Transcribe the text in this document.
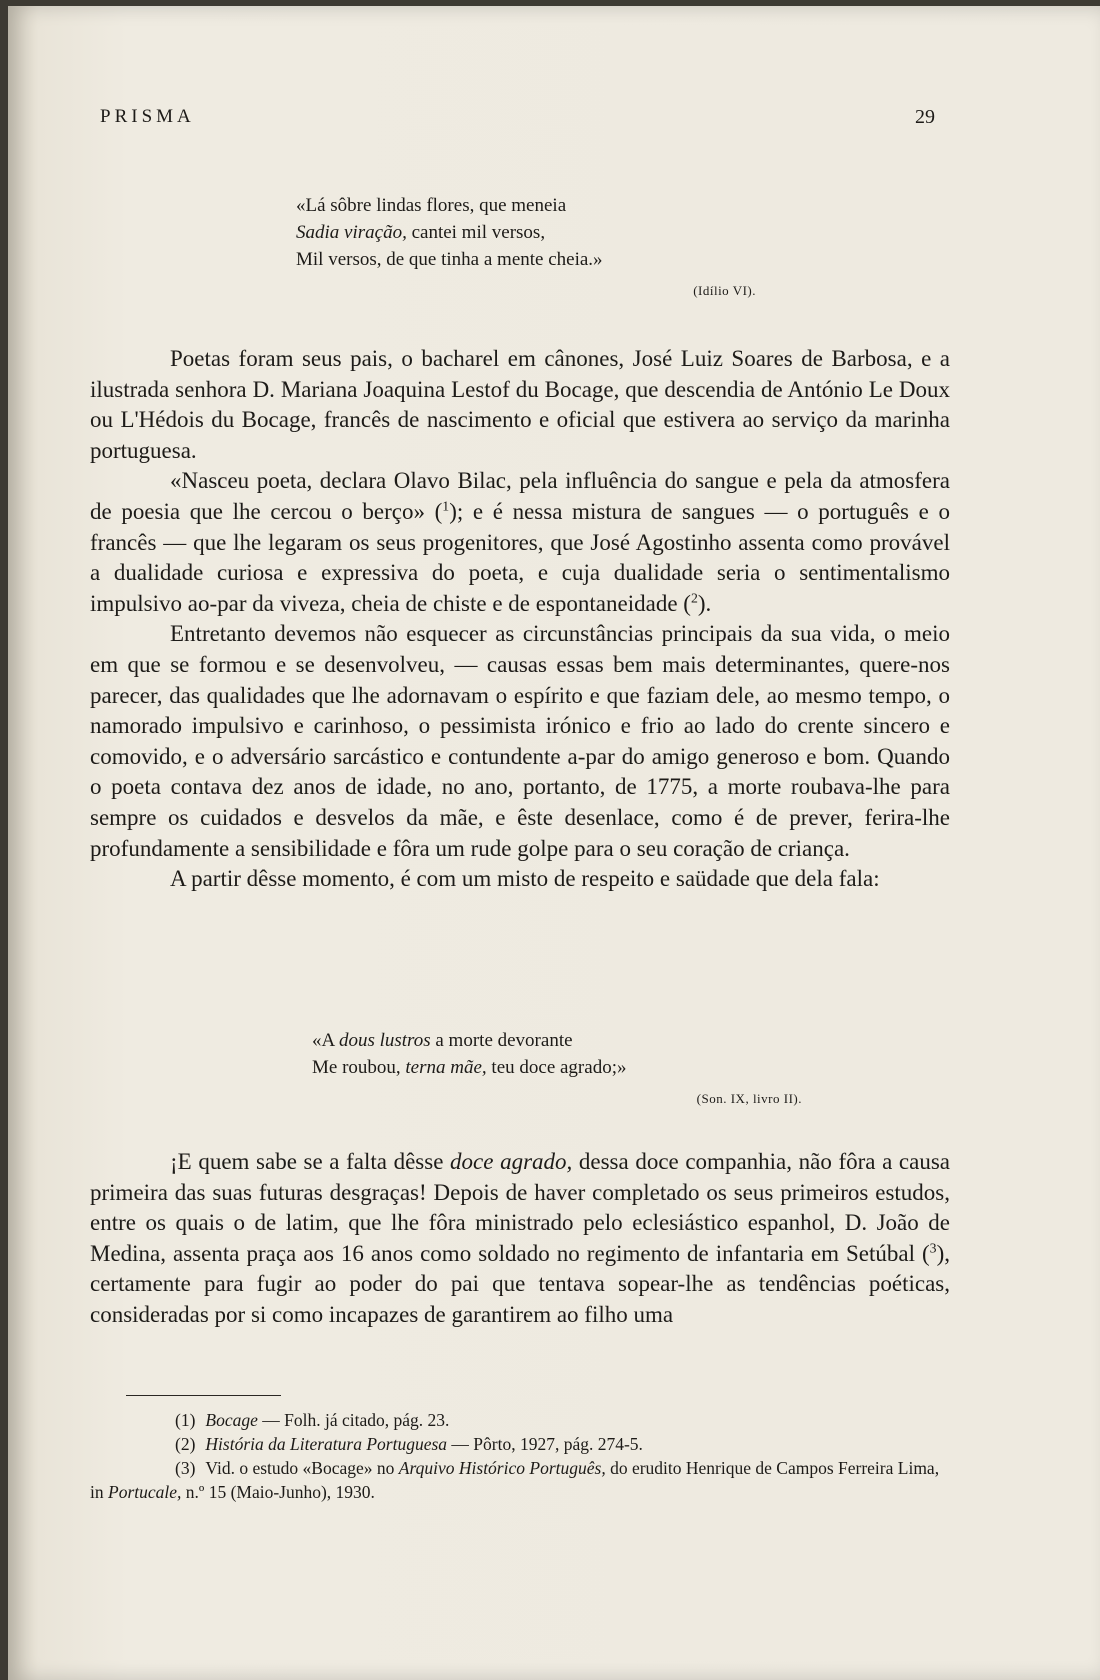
PRISMA	29
«Lá sôbre lindas flores, que meneia
Sadia viração, cantei mil versos,
Mil versos, de que tinha a mente cheia.»
(Idílio VI).

Poetas foram seus pais, o bacharel em cânones, José Luiz Soares de Barbosa, e a ilustrada senhora D. Mariana Joaquina Lestof du Bocage, que descendia de António Le Doux ou L'Hédois du Bocage, francês de nascimento e oficial que estivera ao serviço da marinha portuguesa.

«Nasceu poeta, declara Olavo Bilac, pela influência do sangue e pela da atmosfera de poesia que lhe cercou o berço» ($^1$); e é nessa mistura de sangues — o português e o francês — que lhe legaram os seus progenitores, que José Agostinho assenta como provável a dualidade curiosa e expressiva do poeta, e cuja dualidade seria o sentimentalismo impulsivo ao-par da viveza, cheia de chiste e de espontaneidade ($^2$).

Entretanto devemos não esquecer as circunstâncias principais da sua vida, o meio em que se formou e se desenvolveu, — causas essas bem mais determinantes, quere-nos parecer, das qualidades que lhe adornavam o espírito e que faziam dele, ao mesmo tempo, o namorado impulsivo e carinhoso, o pessimista irónico e frio ao lado do crente sincero e comovido, e o adversário sarcástico e contundente a-par do amigo generoso e bom. Quando o poeta contava dez anos de idade, no ano, portanto, de 1775, a morte roubava-lhe para sempre os cuidados e desvelos da mãe, e êste desenlace, como é de prever, ferira-lhe profundamente a sensibilidade e fôra um rude golpe para o seu coração de criança.

A partir dêsse momento, é com um misto de respeito e saüdade que dela fala:

«A dous lustros a morte devorante
Me roubou, terna mãe, teu doce agrado;»
(Son. IX, livro II).

¡E quem sabe se a falta dêsse doce agrado, dessa doce companhia, não fôra a causa primeira das suas futuras desgraças! Depois de haver completado os seus primeiros estudos, entre os quais o de latim, que lhe fôra ministrado pelo eclesiástico espanhol, D. João de Medina, assenta praça aos 16 anos como soldado no regimento de infantaria em Setúbal ($^3$), certamente para fugir ao poder do pai que tentava sopear-lhe as tendências poéticas, consideradas por si como incapazes de garantirem ao filho uma

(1) Bocage — Folh. já citado, pág. 23.
(2) História da Literatura Portuguesa — Pôrto, 1927, pág. 274-5.
(3) Vid. o estudo «Bocage» no Arquivo Histórico Português, do erudito Henrique de Campos Ferreira Lima, in Portucale, n.º 15 (Maio-Junho), 1930.
